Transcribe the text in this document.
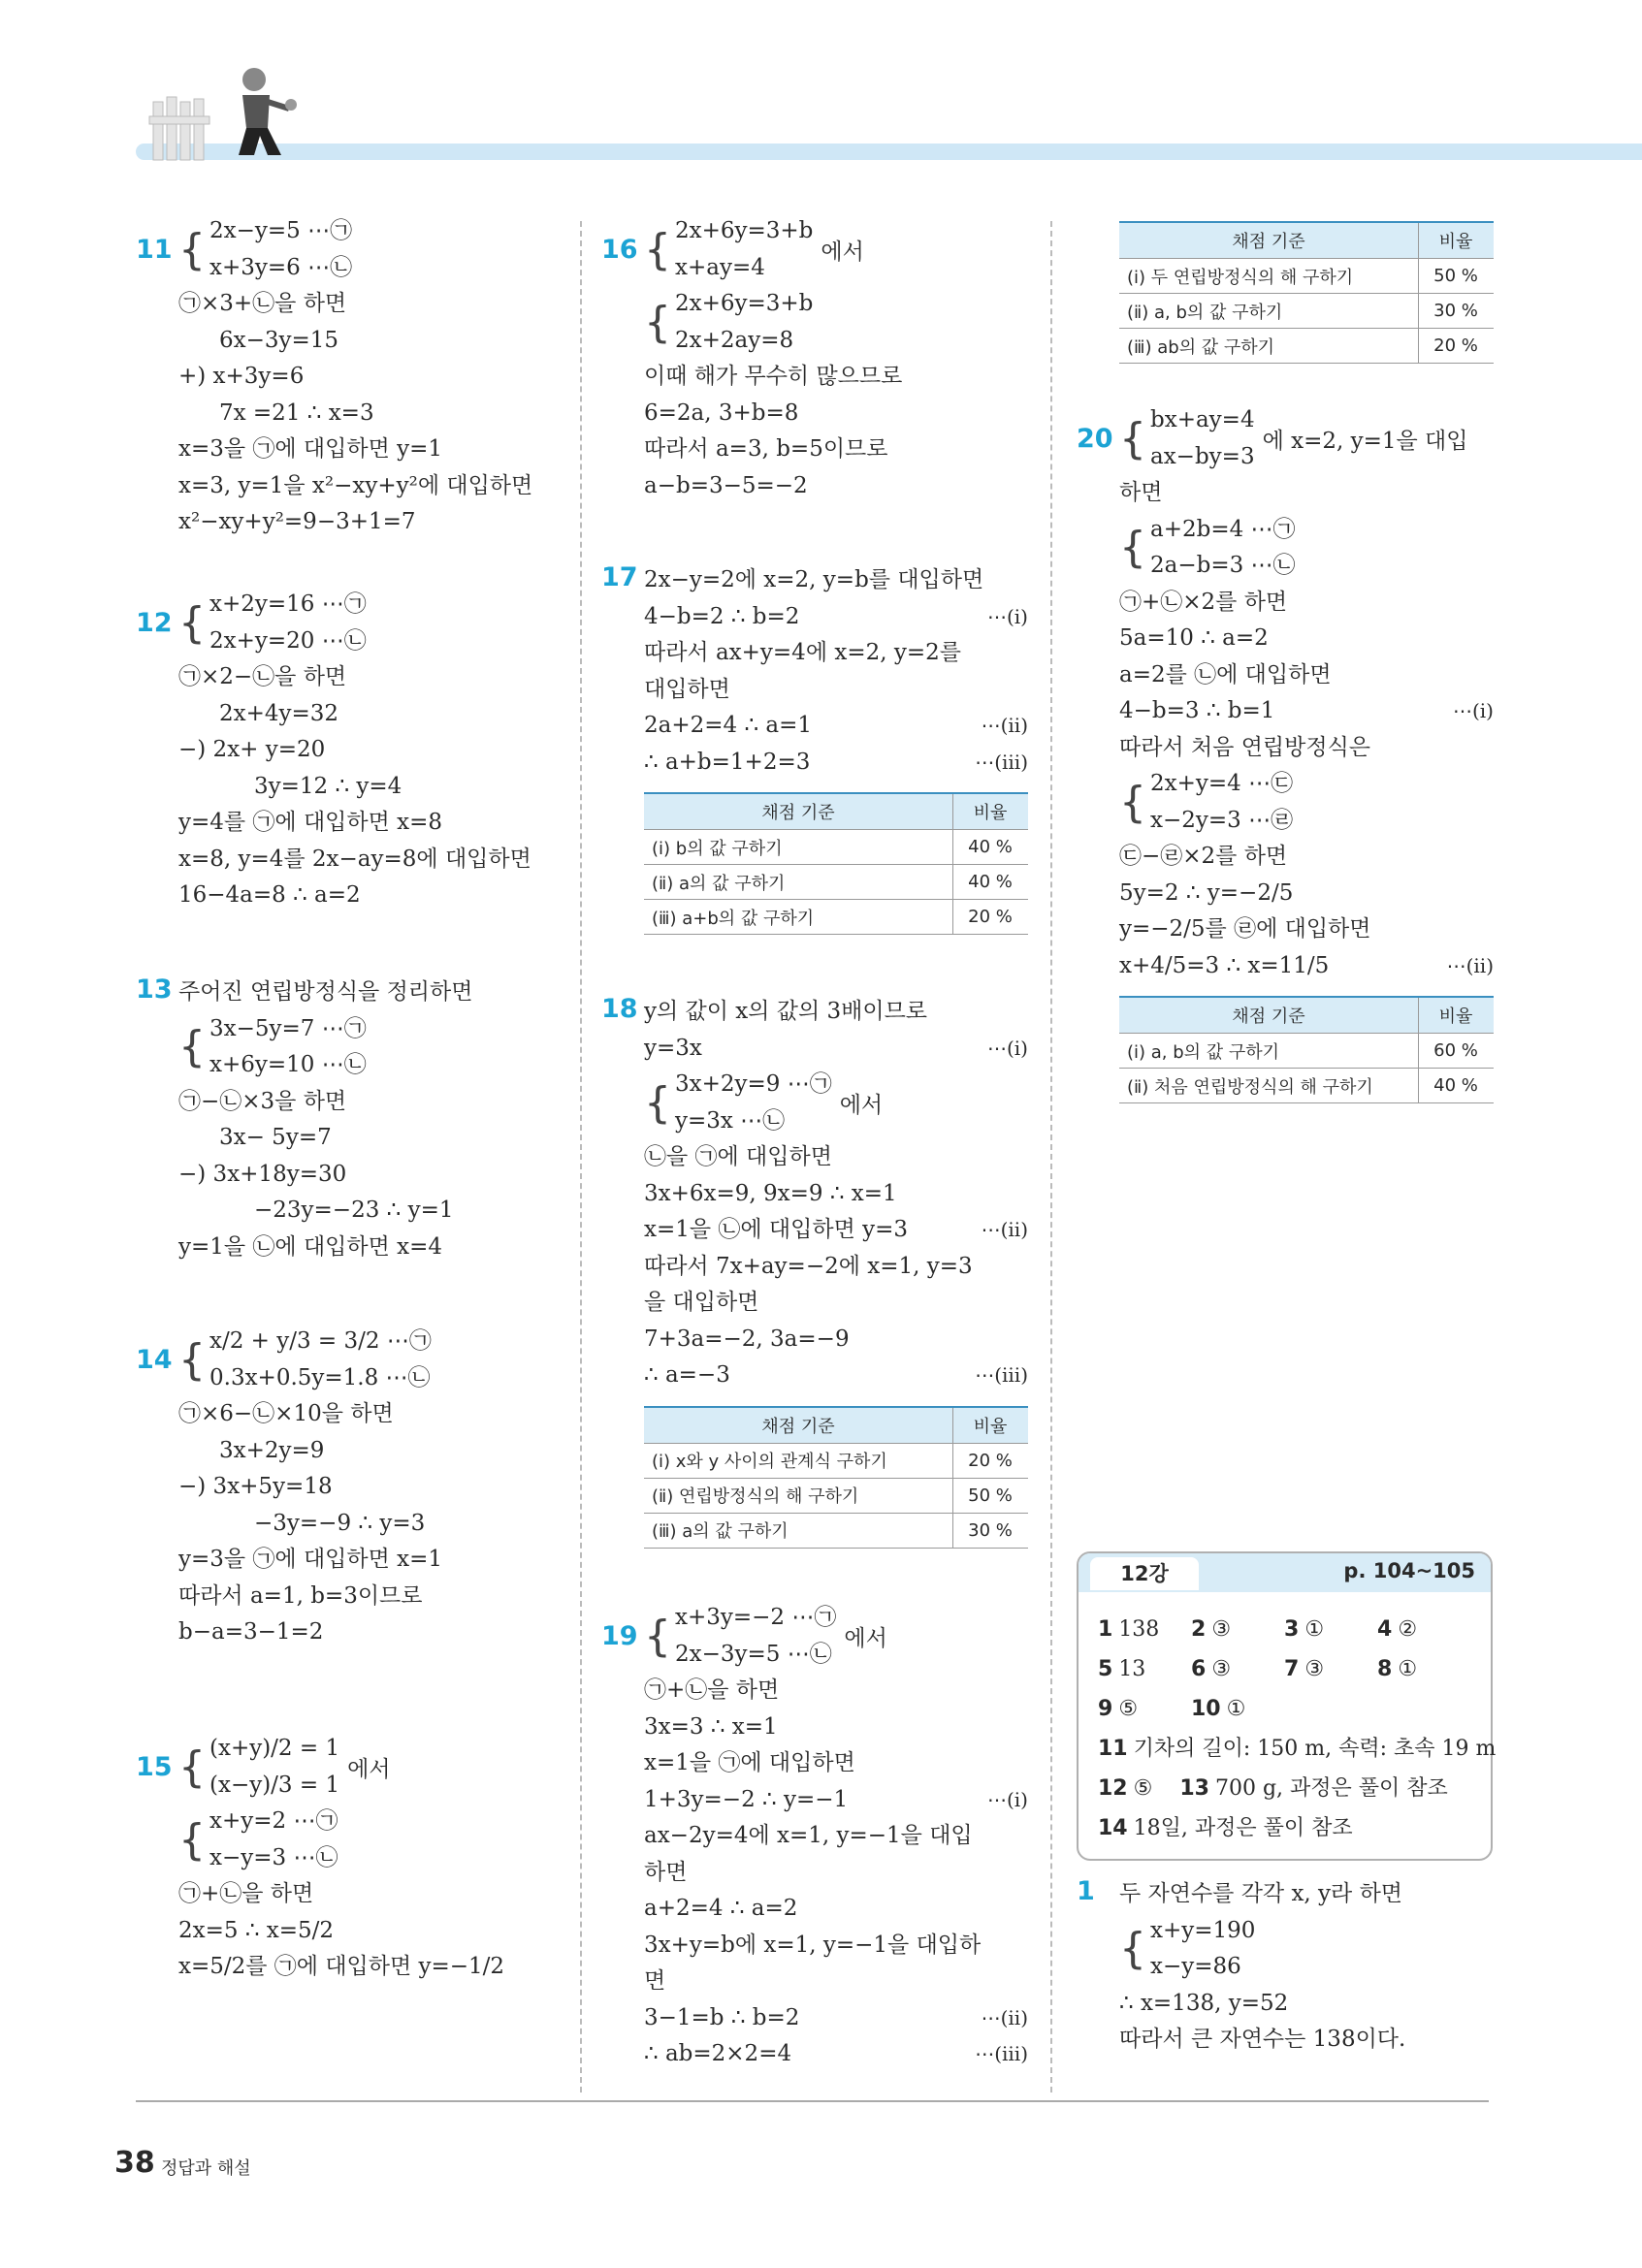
11 { 2x−y=5 ⋯㉠
x+3y=6 ⋯㉡
㉠×3+㉡을 하면
6x−3y=15
+) x+3y=6
7x =21 ∴ x=3
x=3을 ㉠에 대입하면 y=1
x=3, y=1을 x²−xy+y²에 대입하면
x²−xy+y²=9−3+1=7
12 { x+2y=16 ⋯㉠
2x+y=20 ⋯㉡
㉠×2−㉡을 하면
2x+4y=32
−) 2x+ y=20
3y=12 ∴ y=4
y=4를 ㉠에 대입하면 x=8
x=8, y=4를 2x−ay=8에 대입하면
16−4a=8 ∴ a=2
13 주어진 연립방정식을 정리하면
{ 3x−5y=7 ⋯㉠
x+6y=10 ⋯㉡
㉠−㉡×3을 하면
3x− 5y=7
−) 3x+18y=30
−23y=−23 ∴ y=1
y=1을 ㉡에 대입하면 x=4
14 { x/2 + y/3 = 3/2 ⋯㉠
0.3x+0.5y=1.8 ⋯㉡
㉠×6−㉡×10을 하면
3x+2y=9
−) 3x+5y=18
−3y=−9 ∴ y=3
y=3을 ㉠에 대입하면 x=1
따라서 a=1, b=3이므로
b−a=3−1=2
15 { (x+y)/2 = 1
(x−y)/3 = 1
에서
{ x+y=2 ⋯㉠
x−y=3 ⋯㉡
㉠+㉡을 하면
2x=5 ∴ x=5/2
x=5/2를 ㉠에 대입하면 y=−1/2
16 { 2x+6y=3+b
x+ay=4
에서
{ 2x+6y=3+b
2x+2ay=8
이때 해가 무수히 많으므로
6=2a, 3+b=8
따라서 a=3, b=5이므로
a−b=3−5=−2
17 2x−y=2에 x=2, y=b를 대입하면
4−b=2 ∴ b=2	⋯(ⅰ)
따라서 ax+y=4에 x=2, y=2를
대입하면
2a+2=4 ∴ a=1	⋯(ⅱ)
∴ a+b=1+2=3	⋯(ⅲ)
채점 기준	비율
(ⅰ) b의 값 구하기	40 %
(ⅱ) a의 값 구하기	40 %
(ⅲ) a+b의 값 구하기	20 %
18 y의 값이 x의 값의 3배이므로
y=3x	⋯(ⅰ)
{ 3x+2y=9 ⋯㉠
y=3x ⋯㉡
에서
㉡을 ㉠에 대입하면
3x+6x=9, 9x=9 ∴ x=1
x=1을 ㉡에 대입하면 y=3	⋯(ⅱ)
따라서 7x+ay=−2에 x=1, y=3
을 대입하면
7+3a=−2, 3a=−9
∴ a=−3	⋯(ⅲ)
채점 기준	비율
(ⅰ) x와 y 사이의 관계식 구하기	20 %
(ⅱ) 연립방정식의 해 구하기	50 %
(ⅲ) a의 값 구하기	30 %
19 { x+3y=−2 ⋯㉠
2x−3y=5 ⋯㉡
에서
㉠+㉡을 하면
3x=3 ∴ x=1
x=1을 ㉠에 대입하면
1+3y=−2 ∴ y=−1	⋯(ⅰ)
ax−2y=4에 x=1, y=−1을 대입
하면
a+2=4 ∴ a=2
3x+y=b에 x=1, y=−1을 대입하
면
3−1=b ∴ b=2	⋯(ⅱ)
∴ ab=2×2=4	⋯(ⅲ)
채점 기준	비율
(ⅰ) 두 연립방정식의 해 구하기	50 %
(ⅱ) a, b의 값 구하기	30 %
(ⅲ) ab의 값 구하기	20 %
20 { bx+ay=4
ax−by=3
에 x=2, y=1을 대입
하면
{ a+2b=4 ⋯㉠
2a−b=3 ⋯㉡
㉠+㉡×2를 하면
5a=10 ∴ a=2
a=2를 ㉡에 대입하면
4−b=3 ∴ b=1	⋯(ⅰ)
따라서 처음 연립방정식은
{ 2x+y=4 ⋯㉢
x−2y=3 ⋯㉣
㉢−㉣×2를 하면
5y=2 ∴ y=−2/5
y=−2/5를 ㉣에 대입하면
x+4/5=3 ∴ x=11/5	⋯(ⅱ)
채점 기준	비율
(ⅰ) a, b의 값 구하기	60 %
(ⅱ) 처음 연립방정식의 해 구하기	40 %
1 두 자연수를 각각 x, y라 하면
{ x+y=190
x−y=86
∴ x=138, y=52
따라서 큰 자연수는 138이다.
12강	p. 104~105
1 138 2 ③ 3 ① 4 ②
5 13 6 ③ 7 ③ 8 ①
9 ⑤ 10 ①
11 기차의 길이: 150 m, 속력: 초속 19 m
12 ⑤ 13 700 g, 과정은 풀이 참조
14 18일, 과정은 풀이 참조
38 정답과 해설
